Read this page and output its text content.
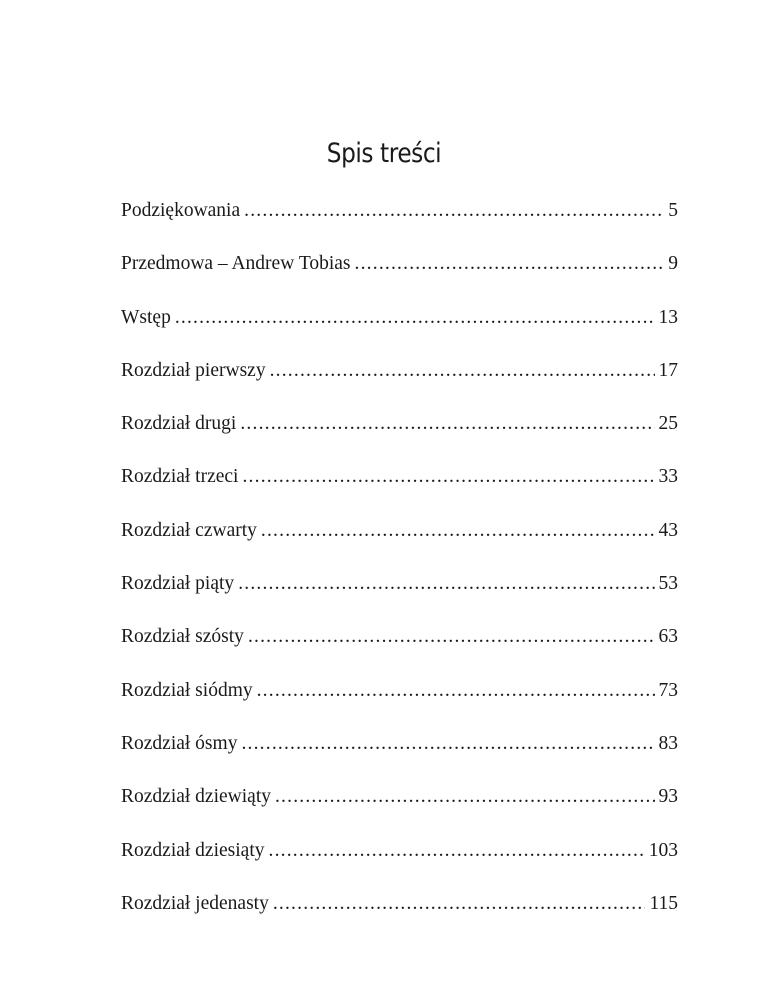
Spis treści
Podziękowania .....	5
Przedmowa – Andrew Tobias .....	9
Wstęp .....	13
Rozdział pierwszy .....	17
Rozdział drugi .....	25
Rozdział trzeci .....	33
Rozdział czwarty .....	43
Rozdział piąty .....	53
Rozdział szósty .....	63
Rozdział siódmy .....	73
Rozdział ósmy .....	83
Rozdział dziewiąty .....	93
Rozdział dziesiąty .....	103
Rozdział jedenasty .....	115
